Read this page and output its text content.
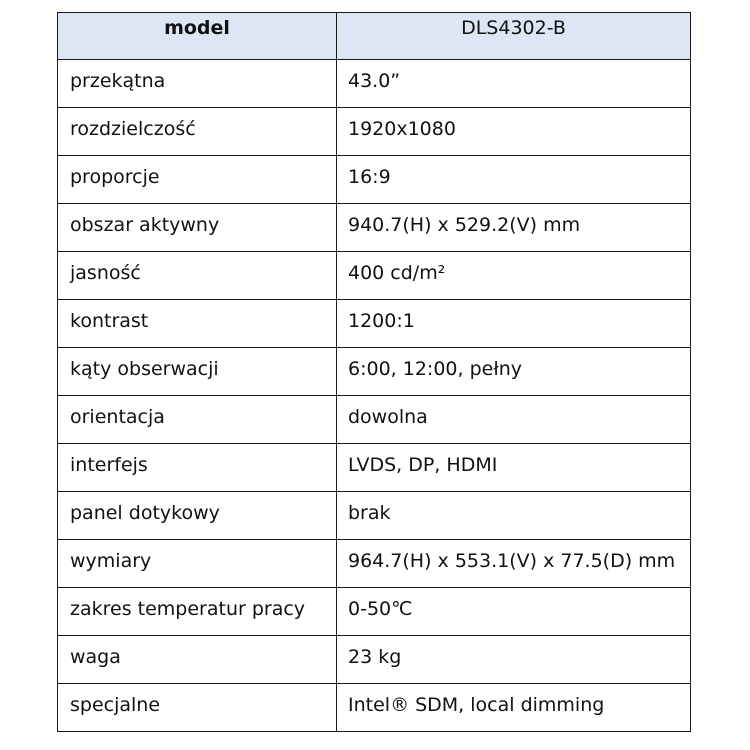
model	DLS4302-B
przekątna	43.0”
rozdzielczość	1920x1080
proporcje	16:9
obszar aktywny	940.7(H) x 529.2(V) mm
jasność	400 cd/m²
kontrast	1200:1
kąty obserwacji	6:00, 12:00, pełny
orientacja	dowolna
interfejs	LVDS, DP, HDMI
panel dotykowy	brak
wymiary	964.7(H) x 553.1(V) x 77.5(D) mm
zakres temperatur pracy	0-50℃
waga	23 kg
specjalne	Intel® SDM, local dimming
